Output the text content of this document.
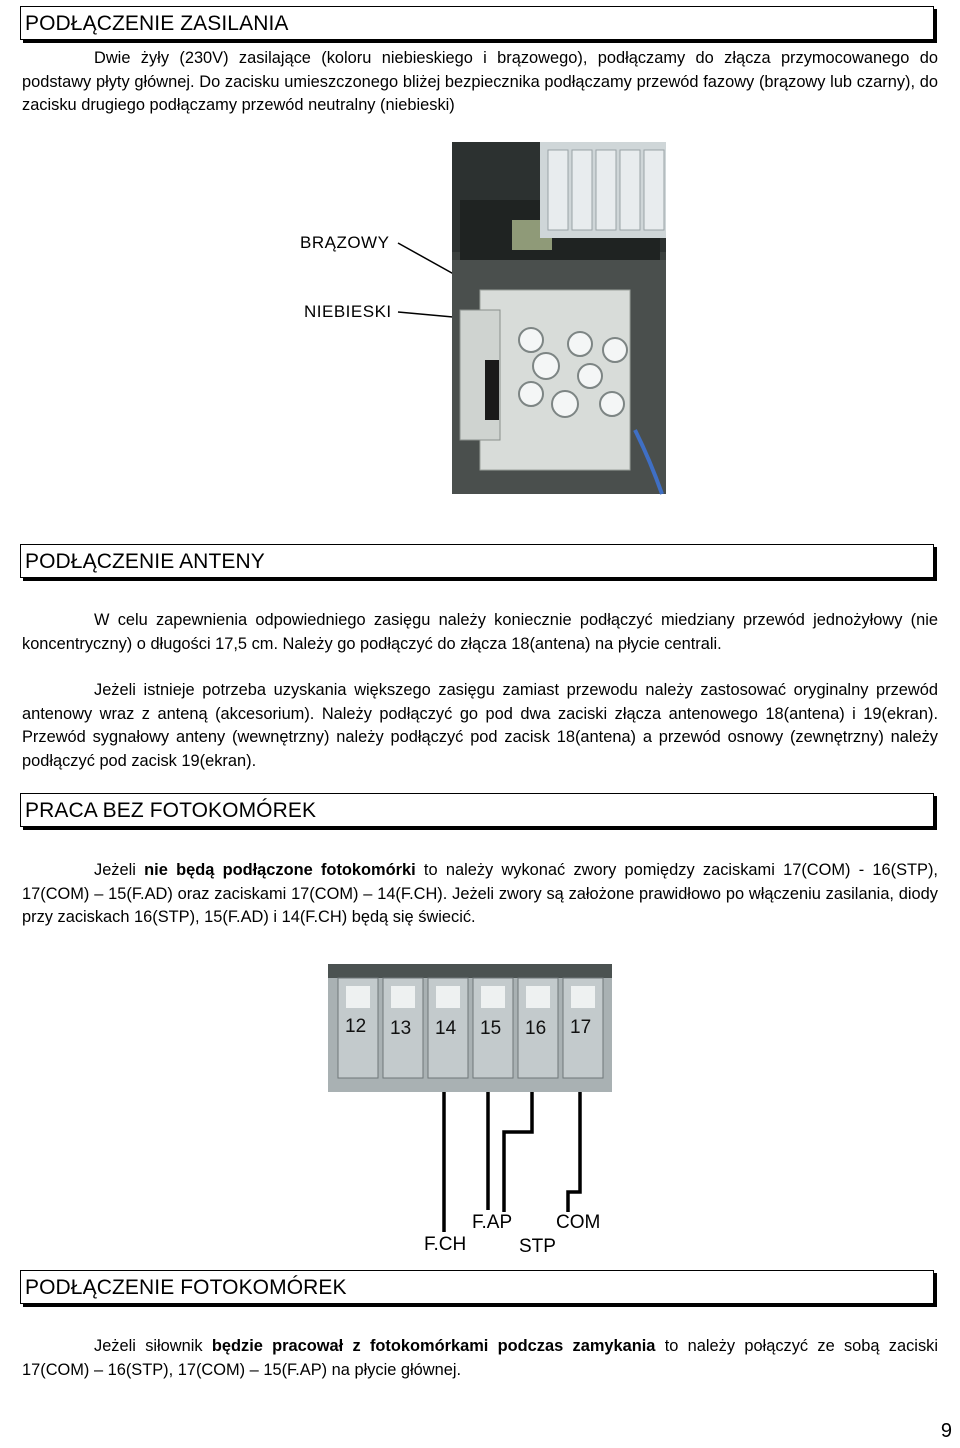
PODŁĄCZENIE ZASILANIA

Dwie żyły (230V) zasilające (koloru niebieskiego i brązowego), podłączamy do złącza przymocowanego do podstawy płyty głównej. Do zacisku umieszczonego bliżej bezpiecznika podłączamy przewód fazowy (brązowy lub czarny), do zacisku drugiego podłączamy przewód neutralny (niebieski)

BRĄZOWY
NIEBIESKI
PODŁĄCZENIE ANTENY

W celu zapewnienia odpowiedniego zasięgu należy koniecznie podłączyć miedziany przewód jednożyłowy (nie koncentryczny) o długości 17,5 cm. Należy go podłączyć do złącza 18(antena) na płycie centrali.

Jeżeli istnieje potrzeba uzyskania większego zasięgu zamiast przewodu należy zastosować oryginalny przewód antenowy wraz z anteną (akcesorium). Należy podłączyć go pod dwa zaciski złącza antenowego 18(antena) i 19(ekran). Przewód sygnałowy anteny (wewnętrzny) należy podłączyć pod zacisk 18(antena) a przewód osnowy (zewnętrzny) należy podłączyć pod zacisk 19(ekran).

PRACA BEZ FOTOKOMÓREK

Jeżeli nie będą podłączone fotokomórki to należy wykonać zwory pomiędzy zaciskami 17(COM) - 16(STP), 17(COM) – 15(F.AD) oraz zaciskami 17(COM) – 14(F.CH). Jeżeli zwory są założone prawidłowo po włączeniu zasilania, diody przy zaciskach 16(STP), 15(F.AD) i 14(F.CH) będą się świecić.

12 13 14 15 16 17
F.AP COM
F.CH	STP
PODŁĄCZENIE FOTOKOMÓREK

Jeżeli siłownik będzie pracował z fotokomórkami podczas zamykania to należy połączyć ze sobą zaciski 17(COM) – 16(STP), 17(COM) – 15(F.AP) na płycie głównej.

9
